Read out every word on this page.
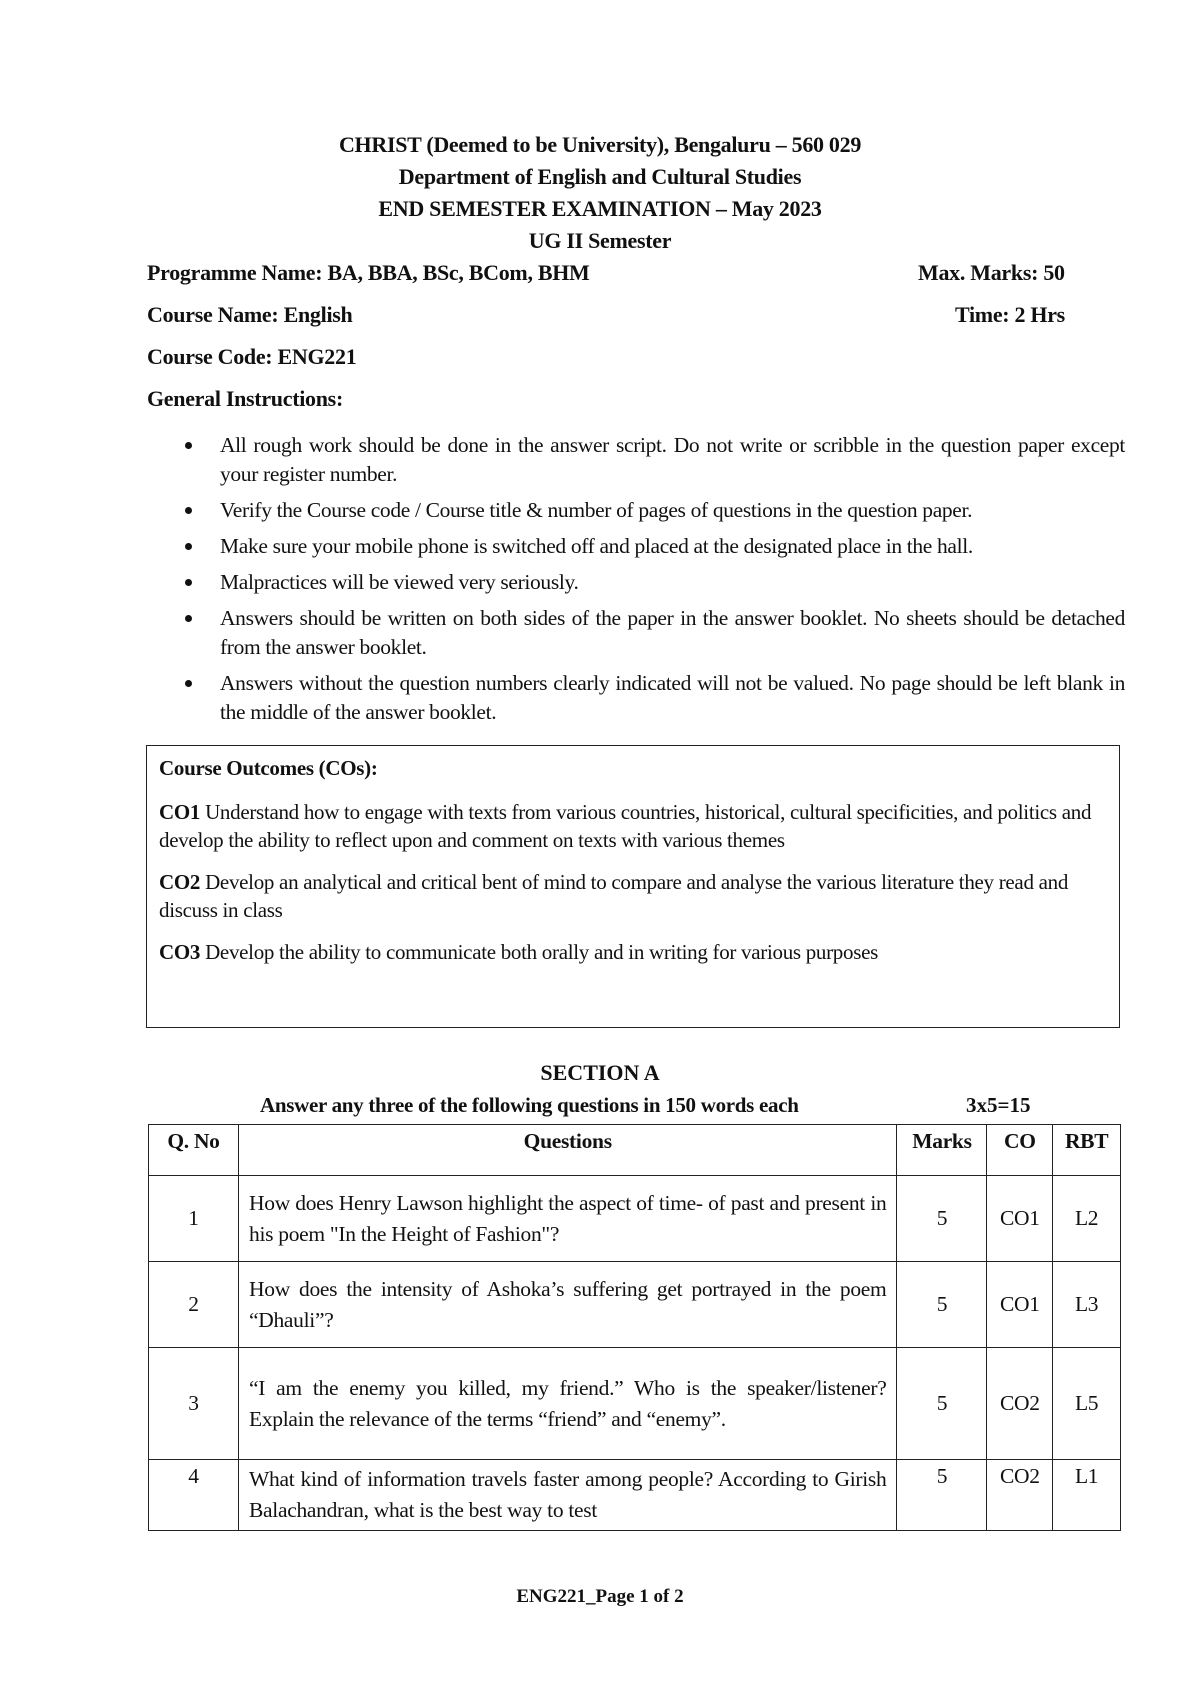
CHRIST (Deemed to be University), Bengaluru – 560 029
Department of English and Cultural Studies
END SEMESTER EXAMINATION – May 2023
UG II Semester
Programme Name: BA, BBA, BSc, BCom, BHM	Max. Marks: 50
Course Name: English	Time: 2 Hrs
Course Code: ENG221
General Instructions:
All rough work should be done in the answer script. Do not write or scribble in the question paper except your register number.
Verify the Course code / Course title & number of pages of questions in the question paper.
Make sure your mobile phone is switched off and placed at the designated place in the hall.
Malpractices will be viewed very seriously.
Answers should be written on both sides of the paper in the answer booklet. No sheets should be detached from the answer booklet.
Answers without the question numbers clearly indicated will not be valued. No page should be left blank in the middle of the answer booklet.

Course Outcomes (COs):

CO1 Understand how to engage with texts from various countries, historical, cultural specificities, and politics and develop the ability to reflect upon and comment on texts with various themes

CO2 Develop an analytical and critical bent of mind to compare and analyse the various literature they read and discuss in class

CO3 Develop the ability to communicate both orally and in writing for various purposes

SECTION A
Answer any three of the following questions in 150 words each	3x5=15
Q. No	Questions	Marks	CO	RBT
1	How does Henry Lawson highlight the aspect of time- of past and present in his poem "In the Height of Fashion"?	5	CO1	L2
2	How does the intensity of Ashoka’s suffering get portrayed in the poem “Dhauli”?	5	CO1	L3
3	“I am the enemy you killed, my friend.” Who is the speaker/listener? Explain the relevance of the terms “friend” and “enemy”.	5	CO2	L5
4	What kind of information travels faster among people? According to Girish Balachandran, what is the best way to test	5	CO2	L1
ENG221_Page 1 of 2
